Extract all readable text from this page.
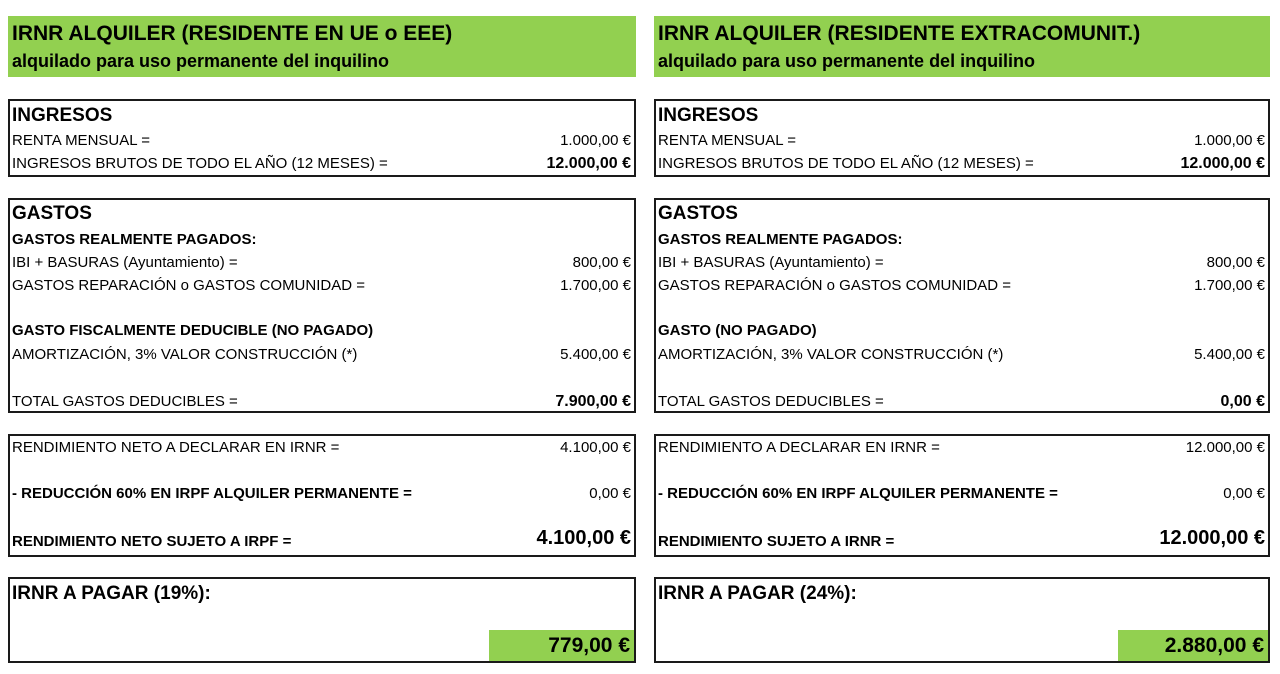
IRNR ALQUILER (RESIDENTE EN UE o EEE)
alquilado para uso permanente del inquilino
INGRESOS
RENTA MENSUAL =	1.000,00 €
INGRESOS BRUTOS DE TODO EL AÑO (12 MESES) =	12.000,00 €
GASTOS
GASTOS REALMENTE PAGADOS:
IBI + BASURAS (Ayuntamiento) =	800,00 €
GASTOS REPARACIÓN o GASTOS COMUNIDAD =	1.700,00 €
GASTO FISCALMENTE DEDUCIBLE (NO PAGADO)
AMORTIZACIÓN, 3% VALOR CONSTRUCCIÓN (*)	5.400,00 €
TOTAL GASTOS DEDUCIBLES =	7.900,00 €
RENDIMIENTO NETO A DECLARAR EN IRNR =	4.100,00 €
- REDUCCIÓN 60% EN IRPF ALQUILER PERMANENTE =	0,00 €
RENDIMIENTO NETO SUJETO A IRPF =	4.100,00 €
IRNR A PAGAR (19%):
779,00 €
IRNR ALQUILER (RESIDENTE EXTRACOMUNIT.)
alquilado para uso permanente del inquilino
INGRESOS
RENTA MENSUAL =	1.000,00 €
INGRESOS BRUTOS DE TODO EL AÑO (12 MESES) =	12.000,00 €
GASTOS
GASTOS REALMENTE PAGADOS:
IBI + BASURAS (Ayuntamiento) =	800,00 €
GASTOS REPARACIÓN o GASTOS COMUNIDAD =	1.700,00 €
GASTO (NO PAGADO)
AMORTIZACIÓN, 3% VALOR CONSTRUCCIÓN (*)	5.400,00 €
TOTAL GASTOS DEDUCIBLES =	0,00 €
RENDIMIENTO A DECLARAR EN IRNR =	12.000,00 €
- REDUCCIÓN 60% EN IRPF ALQUILER PERMANENTE =	0,00 €
RENDIMIENTO SUJETO A IRNR =	12.000,00 €
IRNR A PAGAR (24%):
2.880,00 €
